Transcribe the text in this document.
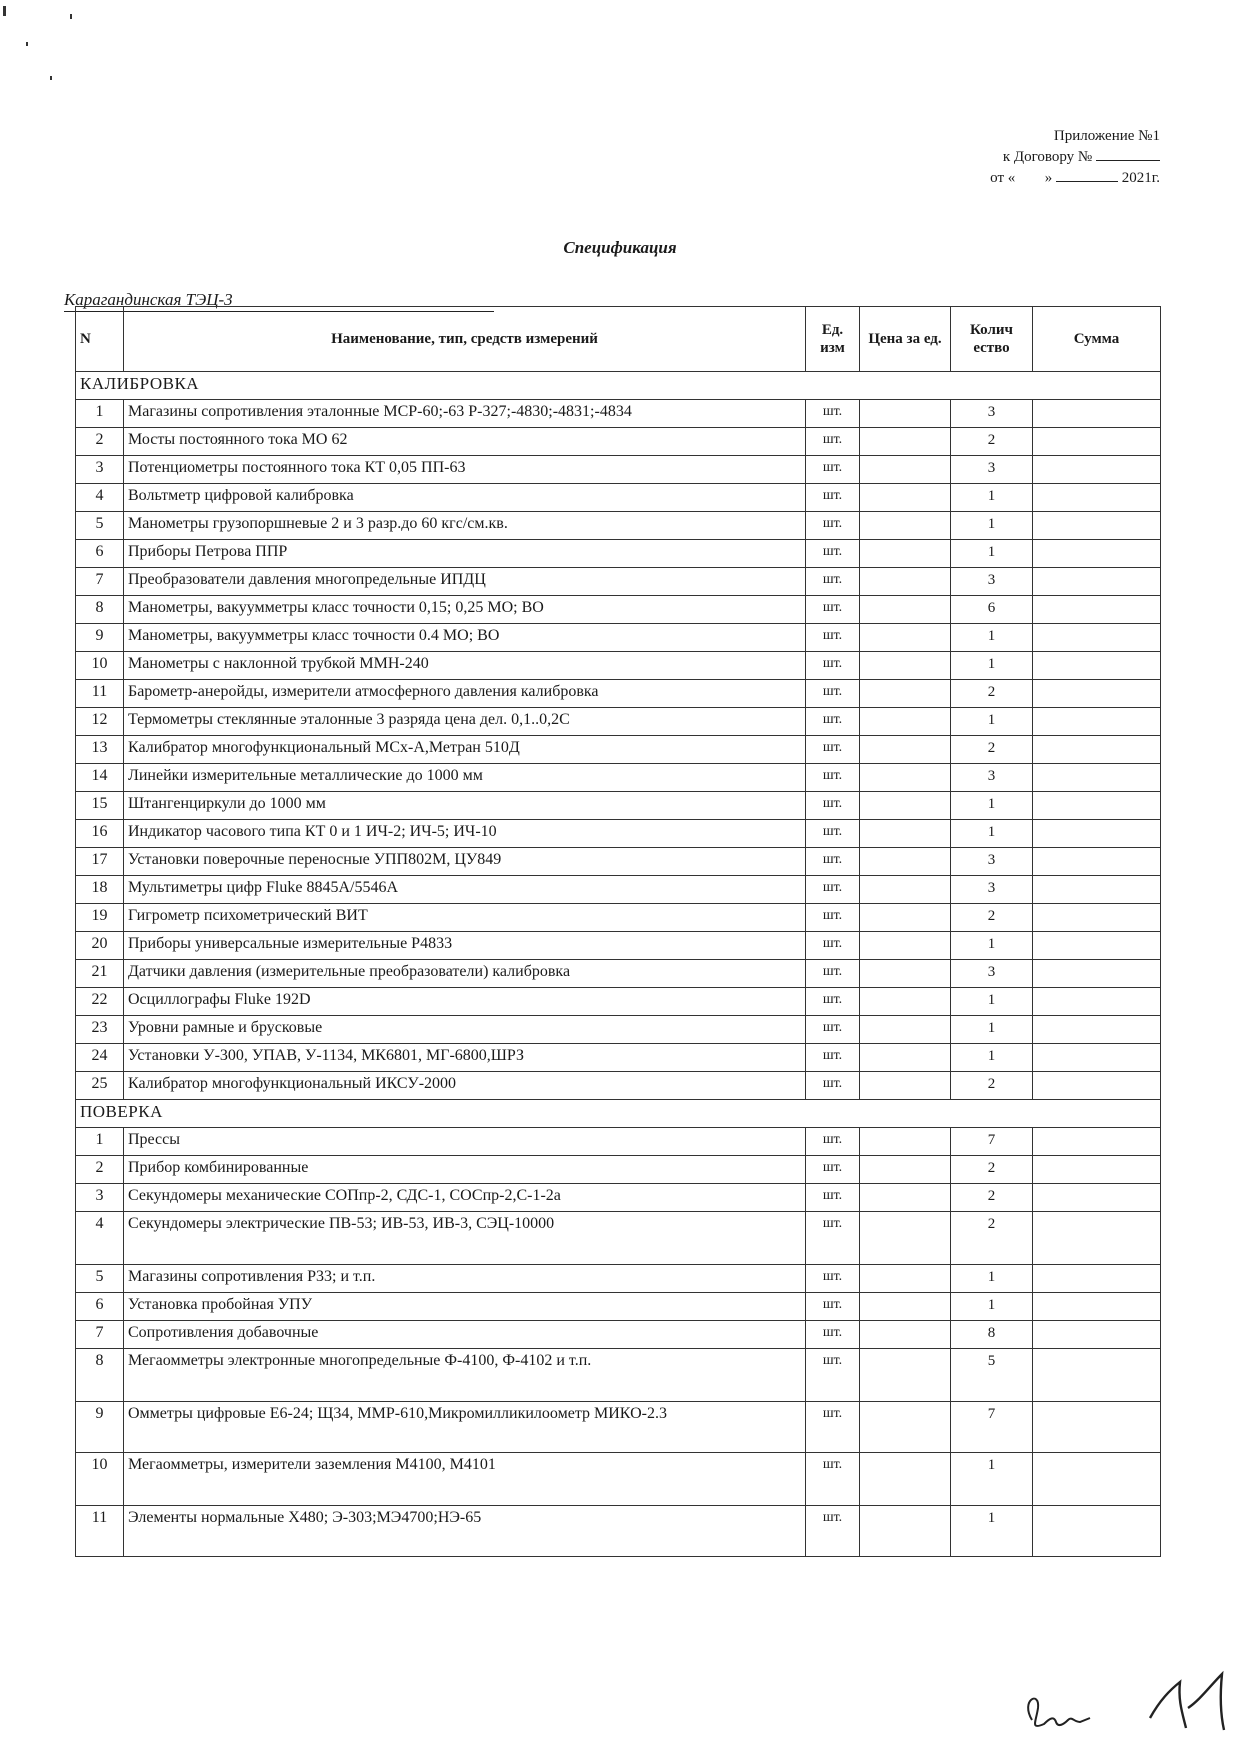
Приложение №1
к Договору №
от « »	2021г.
Спецификация
Карагандинская ТЭЦ-3
N	Наименование, тип, средств измерений	Ед. изм	Цена за ед.	Колич ество	Сумма
КАЛИБРОВКА					
1	Магазины сопротивления эталонные МСР-60;-63 Р-327;-4830;-4831;-4834	шт.		3	
2	Мосты постоянного тока МО 62	шт.		2	
3	Потенциометры постоянного тока КТ 0,05 ПП-63	шт.		3	
4	Вольтметр цифровой калибровка	шт.		1	
5	Манометры грузопоршневые 2 и 3 разр.до 60 кгс/см.кв.	шт.		1	
6	Приборы Петрова ППР	шт.		1	
7	Преобразователи давления многопредельные ИПДЦ	шт.		3	
8	Манометры, вакуумметры класс точности 0,15; 0,25 МО; ВО	шт.		6	
9	Манометры, вакуумметры класс точности 0.4 МО; ВО	шт.		1	
10	Манометры с наклонной трубкой ММН-240	шт.		1	
11	Барометр-анеройды, измерители атмосферного давления калибровка	шт.		2	
12	Термометры стеклянные эталонные 3 разряда цена дел. 0,1..0,2С	шт.		1	
13	Калибратор многофункциональный МСх-А,Метран 510Д	шт.		2	
14	Линейки измерительные металлические до 1000 мм	шт.		3	
15	Штангенциркули до 1000 мм	шт.		1	
16	Индикатор часового типа КТ 0 и 1 ИЧ-2; ИЧ-5; ИЧ-10	шт.		1	
17	Установки поверочные переносные УПП802М, ЦУ849	шт.		3	
18	Мультиметры цифр Fluke 8845A/5546A	шт.		3	
19	Гигрометр психометрический ВИТ	шт.		2	
20	Приборы универсальные измерительные Р4833	шт.		1	
21	Датчики давления (измерительные преобразователи) калибровка	шт.		3	
22	Осциллографы Fluke 192D	шт.		1	
23	Уровни рамные и брусковые	шт.		1	
24	Установки У-300, УПАВ, У-1134, МК6801, МГ-6800,ШРЗ	шт.		1	
25	Калибратор многофункциональный ИКСУ-2000	шт.		2	
ПОВЕРКА					
1	Прессы	шт.		7	
2	Прибор комбинированные	шт.		2	
3	Секундомеры механические СОПпр-2, СДС-1, СОСпр-2,С-1-2а	шт.		2	
4	Секундомеры электрические ПВ-53; ИВ-53, ИВ-3, СЭЦ-10000	шт.		2	
5	Магазины сопротивления Р33; и т.п.	шт.		1	
6	Установка пробойная УПУ	шт.		1	
7	Сопротивления добавочные	шт.		8	
8	Мегаомметры электронные многопредельные Ф-4100, Ф-4102 и т.п.	шт.		5	
9	Омметры цифровые Е6-24; Щ34, ММР-610,Микромилликилоометр МИКО-2.3	шт.		7	
10	Мегаомметры, измерители заземления М4100, М4101	шт.		1	
11	Элементы нормальные Х480; Э-303;МЭ4700;НЭ-65	шт.		1	
